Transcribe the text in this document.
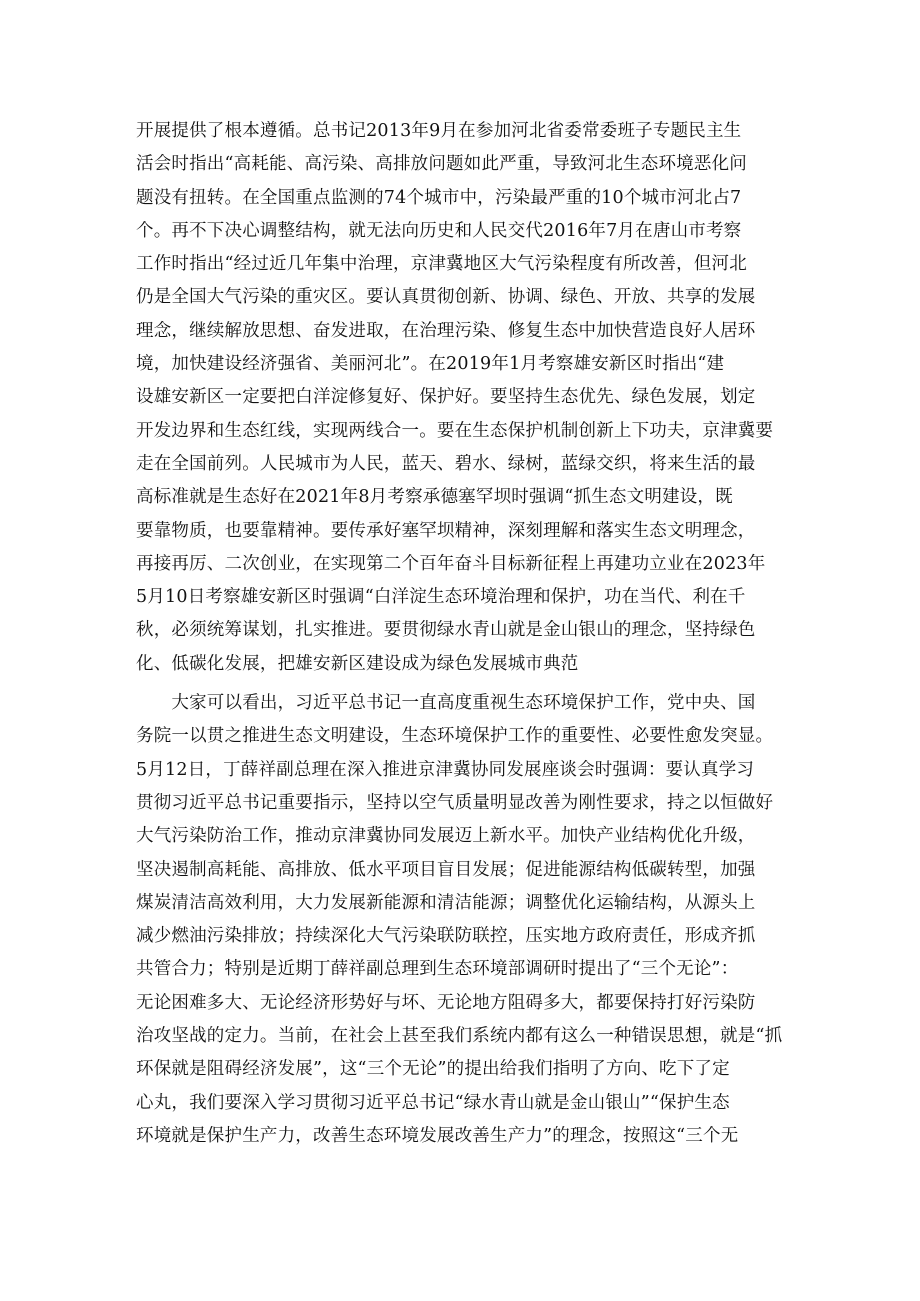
开展提供了根本遵循。总书记2013年9月在参加河北省委常委班子专题民主生
活会时指出“高耗能、高污染、高排放问题如此严重，导致河北生态环境恶化问
题没有扭转。在全国重点监测的74个城市中，污染最严重的10个城市河北占7
个。再不下决心调整结构，就无法向历史和人民交代2016年7月在唐山市考察
工作时指出“经过近几年集中治理，京津冀地区大气污染程度有所改善，但河北
仍是全国大气污染的重灾区。要认真贯彻创新、协调、绿色、开放、共享的发展
理念，继续解放思想、奋发进取，在治理污染、修复生态中加快营造良好人居环
境，加快建设经济强省、美丽河北”。在2019年1月考察雄安新区时指出“建
设雄安新区一定要把白洋淀修复好、保护好。要坚持生态优先、绿色发展，划定
开发边界和生态红线，实现两线合一。要在生态保护机制创新上下功夫，京津冀要
走在全国前列。人民城市为人民，蓝天、碧水、绿树，蓝绿交织，将来生活的最
高标准就是生态好在2021年8月考察承德塞罕坝时强调“抓生态文明建设，既
要靠物质，也要靠精神。要传承好塞罕坝精神，深刻理解和落实生态文明理念，
再接再厉、二次创业，在实现第二个百年奋斗目标新征程上再建功立业在2023年
5月10日考察雄安新区时强调“白洋淀生态环境治理和保护，功在当代、利在千
秋，必须统筹谋划，扎实推进。要贯彻绿水青山就是金山银山的理念，坚持绿色
化、低碳化发展，把雄安新区建设成为绿色发展城市典范
　　大家可以看出，习近平总书记一直高度重视生态环境保护工作，党中央、国
务院一以贯之推进生态文明建设，生态环境保护工作的重要性、必要性愈发突显。
5月12日，丁薛祥副总理在深入推进京津冀协同发展座谈会时强调：要认真学习
贯彻习近平总书记重要指示，坚持以空气质量明显改善为刚性要求，持之以恒做好
大气污染防治工作，推动京津冀协同发展迈上新水平。加快产业结构优化升级，
坚决遏制高耗能、高排放、低水平项目盲目发展；促进能源结构低碳转型，加强
煤炭清洁高效利用，大力发展新能源和清洁能源；调整优化运输结构，从源头上
减少燃油污染排放；持续深化大气污染联防联控，压实地方政府责任，形成齐抓
共管合力；特别是近期丁薛祥副总理到生态环境部调研时提出了“三个无论”：
无论困难多大、无论经济形势好与坏、无论地方阻碍多大，都要保持打好污染防
治攻坚战的定力。当前，在社会上甚至我们系统内都有这么一种错误思想，就是“抓
环保就是阻碍经济发展”，这“三个无论”的提出给我们指明了方向、吃下了定
心丸，我们要深入学习贯彻习近平总书记“绿水青山就是金山银山”“保护生态
环境就是保护生产力，改善生态环境发展改善生产力”的理念，按照这“三个无
